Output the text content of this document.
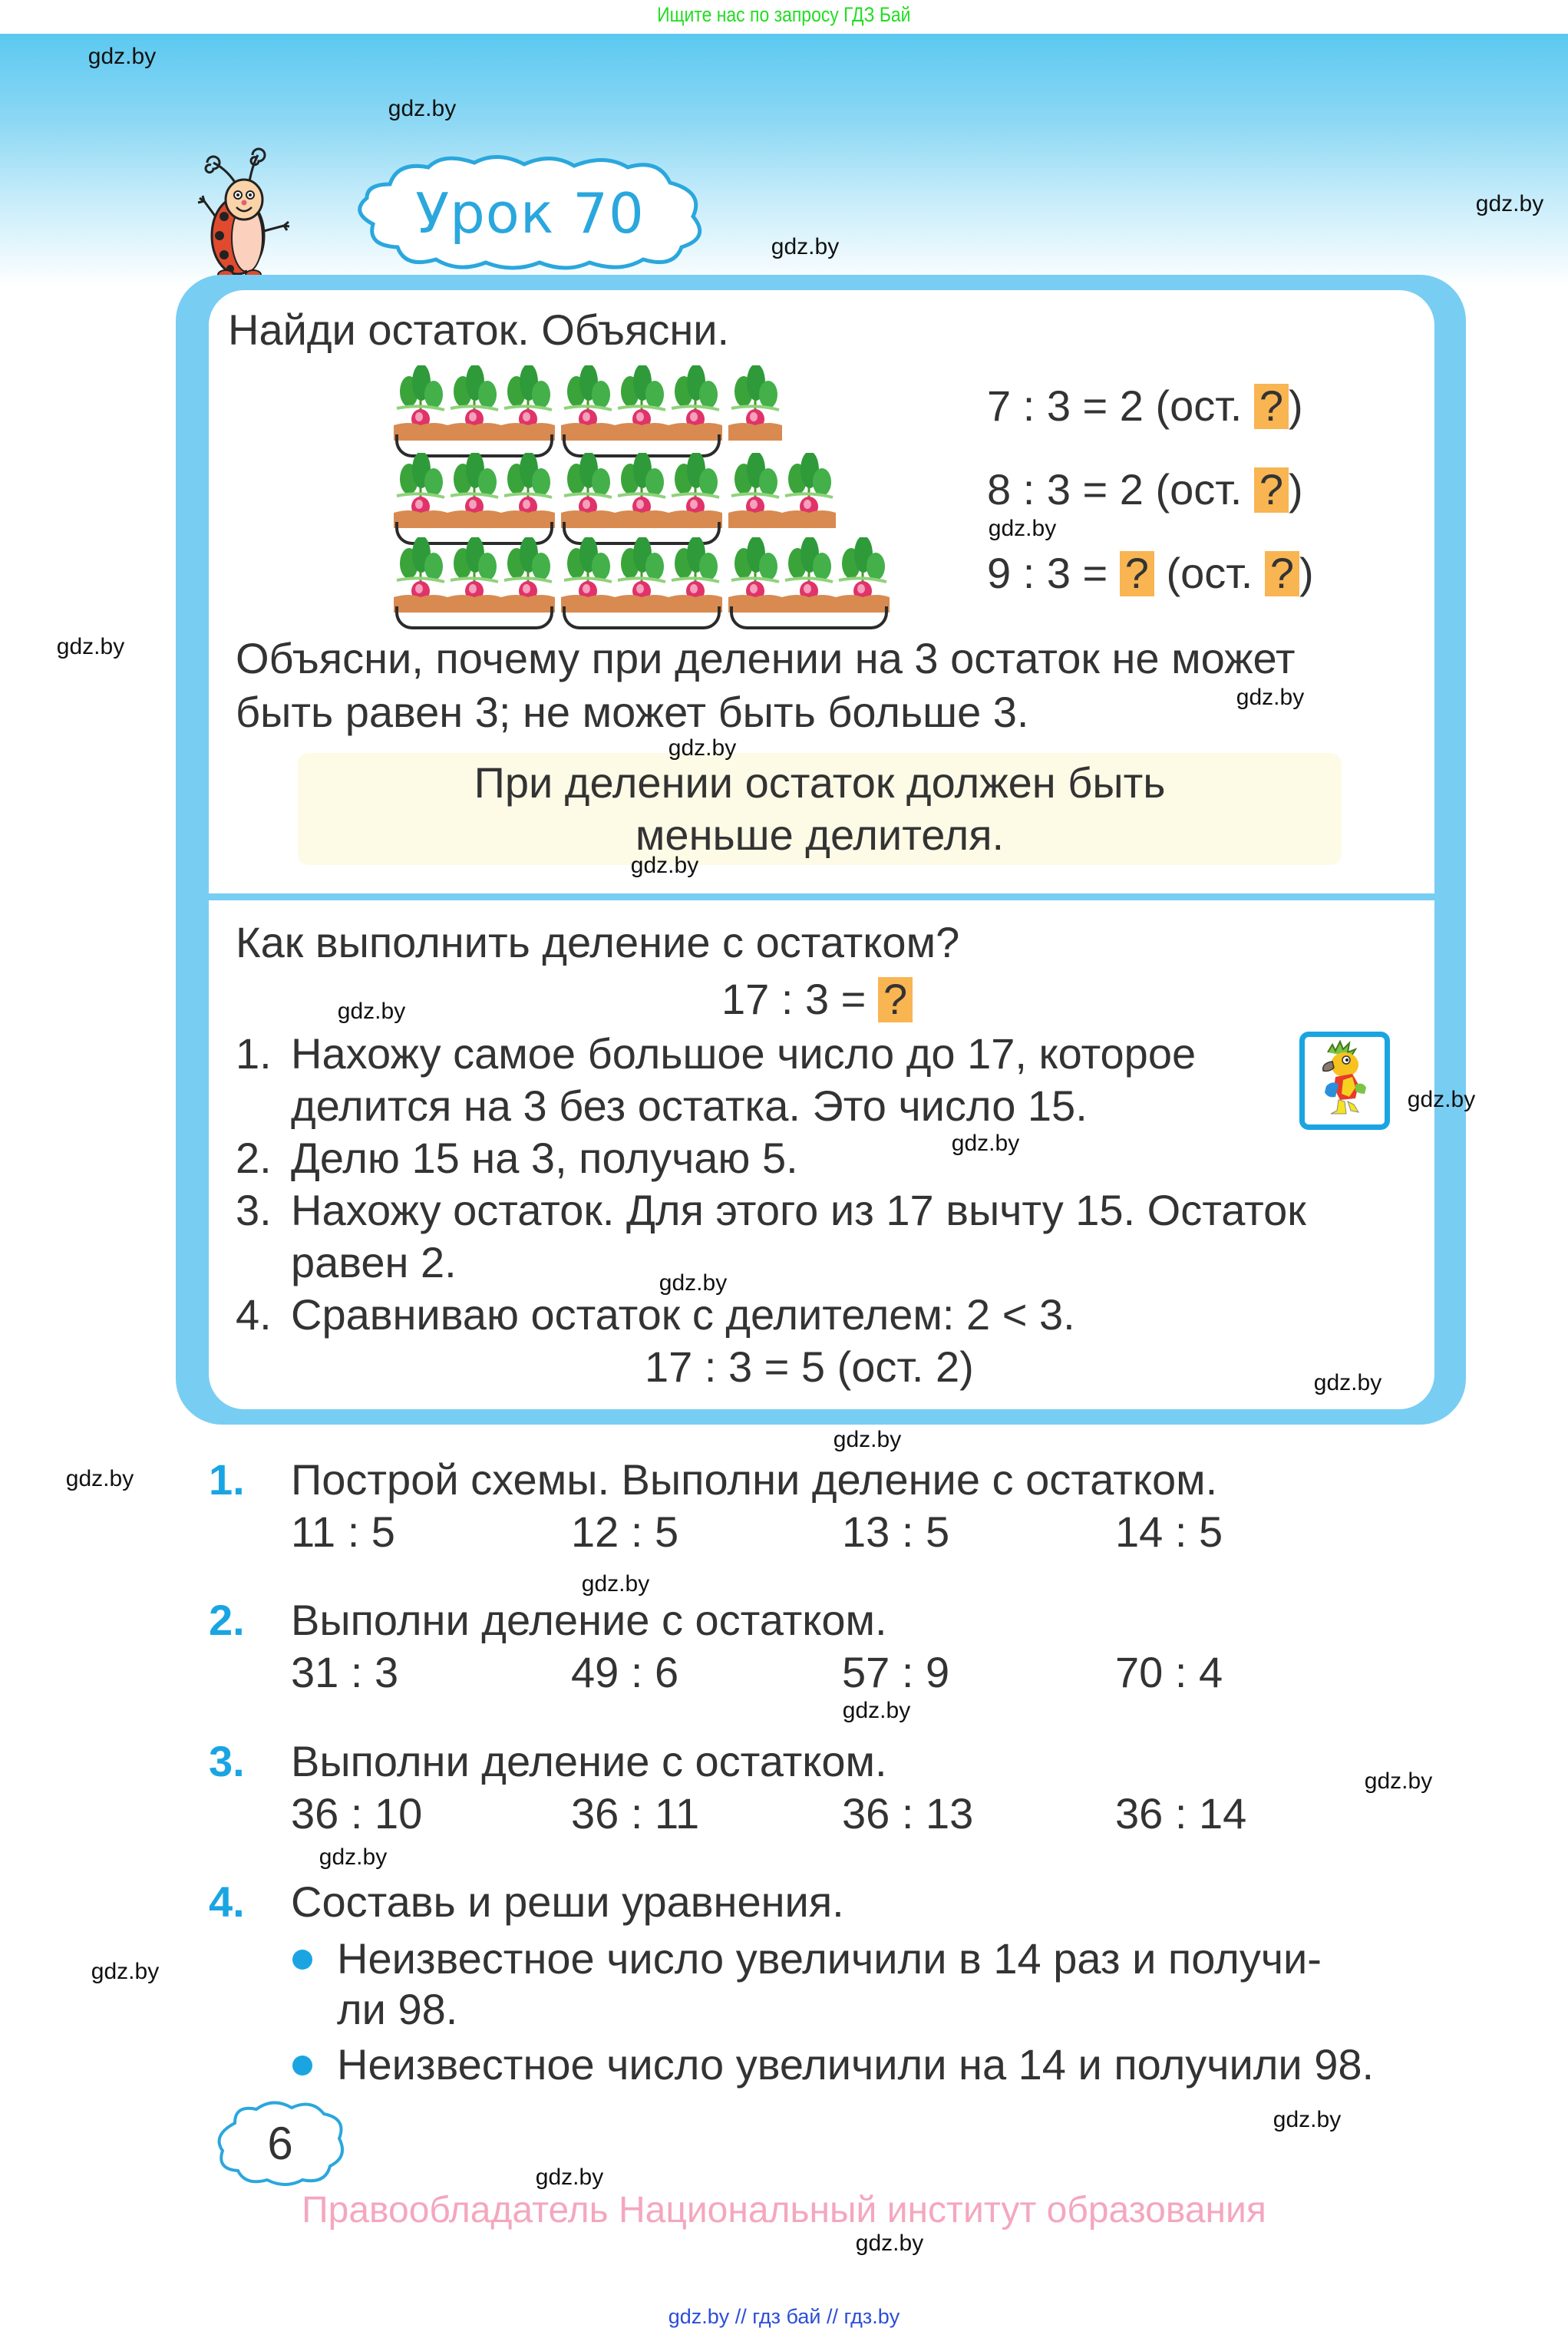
Ищите нас по запросу ГДЗ Бай
Урок 70
Найди остаток. Объясни.
7 : 3 = 2 (ост. ? )
8 : 3 = 2 (ост. ? )
9 : 3 = ? (ост. ? )
Объясни, почему при делении на 3 остаток не может
быть равен 3; не может быть больше 3.
При делении остаток должен быть
меньше делителя.
Как выполнить деление с остатком?
17 : 3 = ?
1. Нахожу самое большое число до 17, которое
делится на 3 без остатка. Это число 15.
2. Делю 15 на 3, получаю 5.
3. Нахожу остаток. Для этого из 17 вычту 15. Остаток
равен 2.
4. Сравниваю остаток с делителем: 2 < 3.
17 : 3 = 5 (ост. 2)
1. Построй схемы. Выполни деление с остатком.
11 : 5	12 : 5	13 : 5	14 : 5
2. Выполни деление с остатком.
31 : 3	49 : 6	57 : 9	70 : 4
3. Выполни деление с остатком.
36 : 10	36 : 11	36 : 13	36 : 14
4. Составь и реши уравнения.
Неизвестное число увеличили в 14 раз и получи-
ли 98.
Неизвестное число увеличили на 14 и получили 98.
6
Правообладатель Национальный институт образования
gdz.by // гдз бай // гдз.by
gdz.by
gdz.by
gdz.by
gdz.by
gdz.by
gdz.by
gdz.by
gdz.by
gdz.by
gdz.by
gdz.by
gdz.by
gdz.by
gdz.by
gdz.by
gdz.by
gdz.by
gdz.by
gdz.by
gdz.by
gdz.by
gdz.by
gdz.by
gdz.by
